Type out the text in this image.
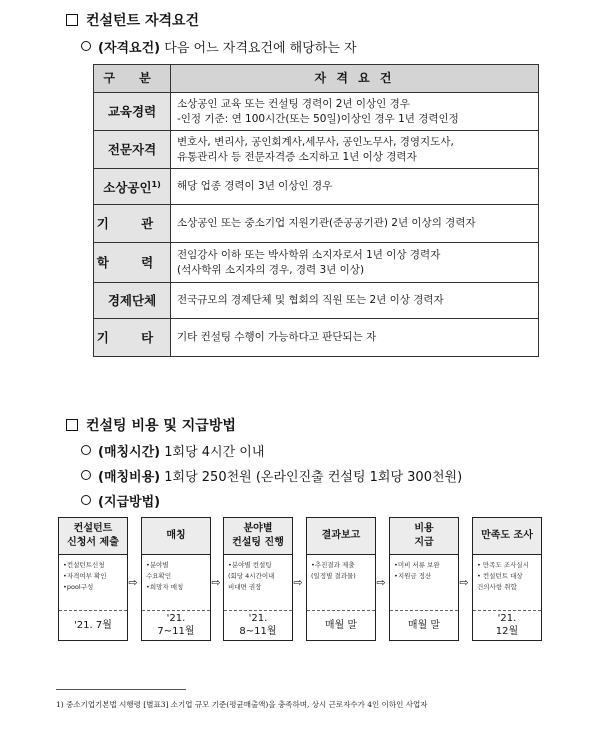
컨설턴트 자격요건
(자격요건) 다음 어느 자격요건에 해당하는 자
구 분	자 격 요 건
교육경력	소상공인 교육 또는 컨설팅 경력이 2년 이상인 경우
-인정 기준: 연 100시간(또는 50일)이상인 경우 1년 경력인정

전문자격	변호사, 변리사, 공인회계사,세무사, 공인노무사, 경영지도사,
유통관리사 등 전문자격증 소지하고 1년 이상 경력자

소상공인$^{1)}$	해당 업종 경력이 3년 이상인 경우

기 관	소상공인 또는 중소기업 지원기관(준공공기관) 2년 이상의 경력자

학 력	전임강사 이하 또는 박사학위 소지자로서 1년 이상 경력자
(석사학위 소지자의 경우, 경력 3년 이상)

경제단체	전국규모의 경제단체 및 협회의 직원 또는 2년 이상 경력자

기 타	기타 컨설팅 수행이 가능하다고 판단되는 자
컨설팅 비용 및 지급방법
(매칭시간) 1회당 4시간 이내
(매칭비용) 1회당 250천원 (온라인진출 컨설팅 1회당 300천원)
(지급방법)
컨설턴트
신청서 제출
•컨설턴트신청
•자격여부 확인
•pool구성
'21. 7월
⇨
매칭
•분야별
수요확인
•희망자 매칭
'21.
7~11월
⇨
분야별
컨설팅 진행
•분야별 컨설팅
(회당 4시간이내
비대면 권장
'21.
8~11월
⇨
결과보고
•추진결과 제출
(일정별 결과물)
매월 말
⇨
비용
지급
•미비 서류 보완
•지원금 정산
매월 말
⇨
만족도 조사
• 만족도 조사실시
• 컨설턴트 대상
건의사항 취합
'21.
12월
1) 중소기업기본법 시행령 [별표3] 소기업 규모 기준(평균매출액)을 충족하며, 상시 근로자수가 4인 이하인 사업자
